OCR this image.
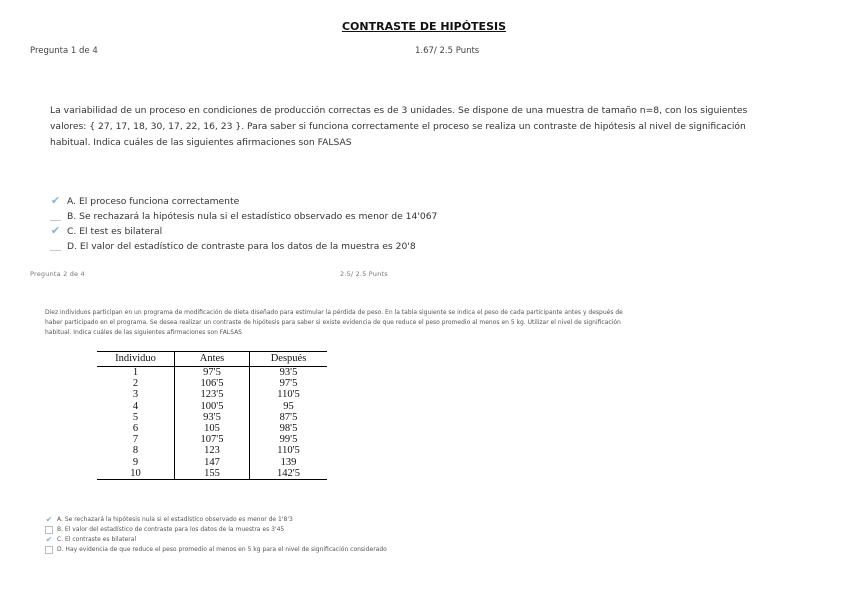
CONTRASTE DE HIPÓTESIS
Pregunta 1 de 4	1.67/ 2.5 Punts
La variabilidad de un proceso en condiciones de producción correctas es de 3 unidades. Se dispone de una muestra de tamaño n=8, con los siguientes valores: { 27, 17, 18, 30, 17, 22, 16, 23 }. Para saber si funciona correctamente el proceso se realiza un contraste de hipótesis al nivel de significación habitual. Indica cuáles de las siguientes afirmaciones son FALSAS
✔ A. El proceso funciona correctamente
B. Se rechazará la hipótesis nula si el estadístico observado es menor de 14'067
✔ C. El test es bilateral
D. El valor del estadístico de contraste para los datos de la muestra es 20'8
Pregunta 2 de 4	2.5/ 2.5 Punts
Diez individuos participan en un programa de modificación de dieta diseñado para estimular la pérdida de peso. En la tabla siguiente se indica el peso de cada participante antes y después de haber participado en el programa. Se desea realizar un contraste de hipótesis para saber si existe evidencia de que reduce el peso promedio al menos en 5 kg. Utilizar el nivel de significación habitual. Indica cuáles de las siguientes afirmaciones son FALSAS
Individuo	Antes	Después
1	97'5	93'5
2	106'5	97'5
3	123'5	110'5
4	100'5	95
5	93'5	87'5
6	105	98'5
7	107'5	99'5
8	123	110'5
9	147	139
10	155	142'5
✔ A. Se rechazará la hipótesis nula si el estadístico observado es menor de 1'8'3
B. El valor del estadístico de contraste para los datos de la muestra es 3'45
✔ C. El contraste es bilateral
D. Hay evidencia de que reduce el peso promedio al menos en 5 kg para el nivel de significación considerado
